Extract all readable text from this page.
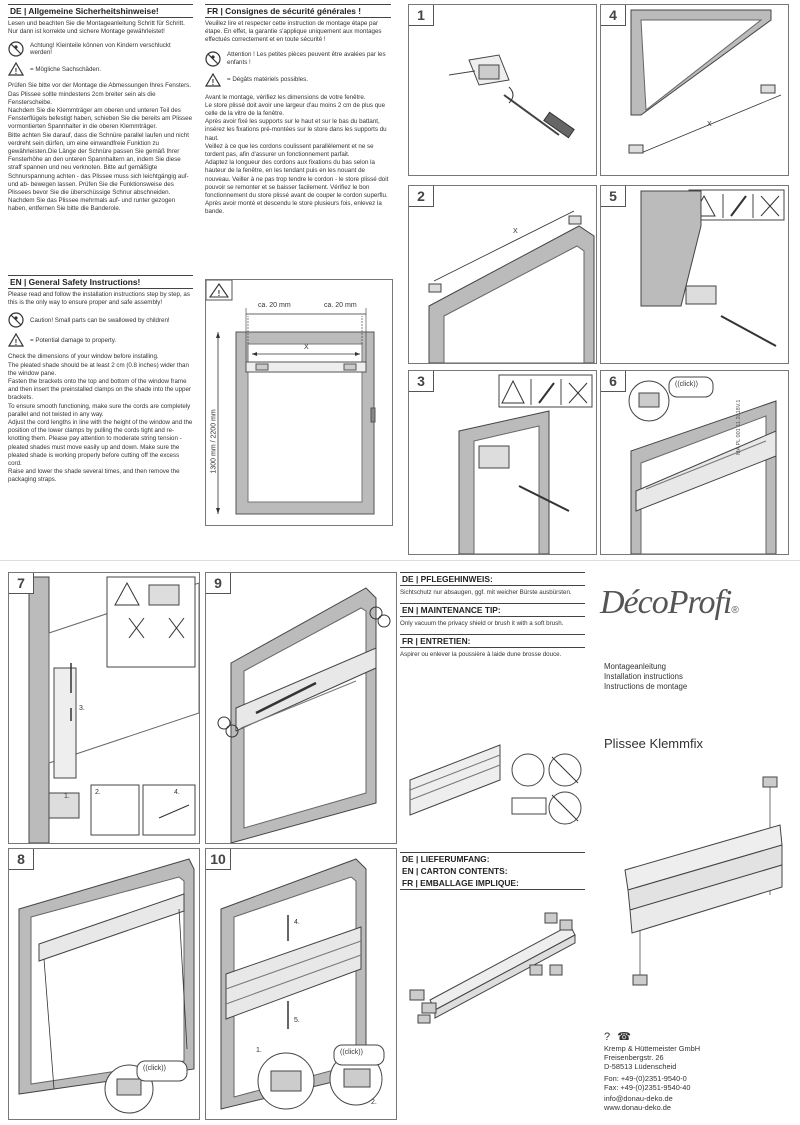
DE | Allgemeine Sicherheitshinweise!
Lesen und beachten Sie die Montageanleitung Schritt für Schritt. Nur dann ist korrekte und sichere Montage gewährleistet!
Achtung! Kleinteile können von Kindern verschluckt werden!
! = Mögliche Sachschäden.
Prüfen Sie bitte vor der Montage die Abmessungen Ihres Fensters.
Das Plissee sollte mindestens 2cm breiter sein als die Fensterscheibe.
Nachdem Sie die Klemmträger am oberen und unteren Teil des Fensterflügels befestigt haben, schieben Sie die bereits am Plissee vormontierten Spannhalter in die oberen Klemmträger.
Bitte achten Sie darauf, dass die Schnüre parallel laufen und nicht verdreht sein dürfen, um eine einwandfreie Funktion zu gewährleisten.Die Länge der Schnüre passen Sie gemäß Ihrer Fensterhöhe an den unteren Spannhaltern an, indem Sie diese straff spannen und neu verknoten. Bitte auf gemäßigte Schnurspannung achten - das Plissee muss sich leichtgängig auf- und ab- bewegen lassen. Prüfen Sie die Funktionsweise des Plissees bevor Sie die überschüssige Schnur abschneiden.
Nachdem Sie das Plissee mehrmals auf- und runter gezogen haben, entfernen Sie bitte die Banderole.
EN | General Safety Instructions!
Please read and follow the installation instructions step by step, as this is the only way to ensure proper and safe assembly!
Caution! Small parts can be swallowed by children!
! = Potential damage to property.
Check the dimensions of your window before installing.
The pleated shade should be at least 2 cm (0.8 inches) wider than the window pane.
Fasten the brackets onto the top and bottom of the window frame and then insert the preinstalled clamps on the shade into the upper brackets.
To ensure smooth functioning, make sure the cords are completely parallel and not twisted in any way.
Adjust the cord lengths in line with the height of the window and the position of the lower clamps by pulling the cords tight and re-knotting them. Please pay attention to moderate string tension - pleated shades must move easily up and down. Make sure the pleated shade is working properly before cutting off the excess cord.
Raise and lower the shade several times, and then remove the packaging straps.
FR | Consignes de sécurité générales !
Veuillez lire et respecter cette instruction de montage étape par étape. En effet, la garantie s'applique uniquement aux montages effectués correctement et en toute sécurité !
Attention ! Les petites pièces peuvent être avalées par les enfants !
! = Dégâts matériels possibles.
Avant le montage, vérifiez les dimensions de votre fenêtre.
Le store plissé doit avoir une largeur d'au moins 2 cm de plus que celle de la vitre de la fenêtre.
Après avoir fixé les supports sur le haut et sur le bas du battant, insérez les fixations pré-montées sur le store dans les supports du haut.
Veillez à ce que les cordons coulissent parallèlement et ne se tordent pas, afin d'assurer un fonctionnement parfait.
Adaptez la longueur des cordons aux fixations du bas selon la hauteur de la fenêtre, en les tendant puis en les nouant de nouveau. Veiller à ne pas trop tendre le cordon - le store plissé doit pouvoir se remonter et se baisser facilement. Vérifiez le bon fonctionnement du store plissé avant de couper le cordon superflu. Après avoir monté et descendu le store plusieurs fois, enlevez la bande.
!
ca. 20 mm	ca. 20 mm
X
1300 mm / 2200 mm
1	4
X
2
X
5
3	6	((click))
MA PL 001 11.2018V.1
7
3.
1.
2.	4.
9
8
((click))
10
4.
5.
1.
2.
((click))
DE | PFLEGEHINWEIS:
Sichtschutz nur absaugen, ggf. mit weicher Bürste ausbürsten.
EN | MAINTENANCE TIP:
Only vacuum the privacy shield or brush it with a soft brush.
FR | ENTRETIEN:
Aspirer ou enlever la poussière à laide dune brosse douce.
DE | LIEFERUMFANG:
EN | CARTON CONTENTS:
FR | EMBALLAGE IMPLIQUE:
DécoProfi®
Montageanleitung
Installation instructions
Instructions de montage
Plissee Klemmfix
? ☎
Kremp & Hüttemeister GmbH
Freisenbergstr. 26
D-58513 Lüdenscheid
Fon: +49-(0)2351-9540-0
Fax: +49-(0)2351-9540-40
info@donau-deko.de
www.donau-deko.de
